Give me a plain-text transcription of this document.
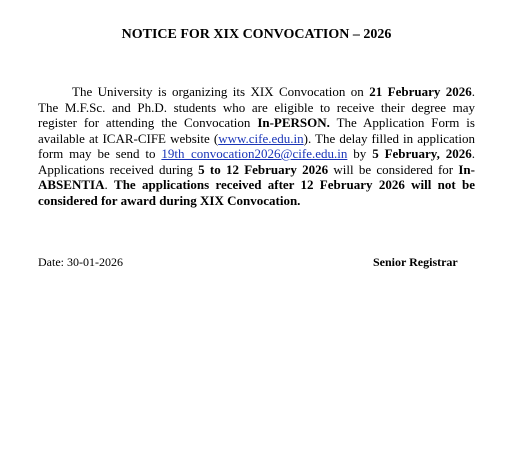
NOTICE FOR XIX CONVOCATION – 2026

The University is organizing its XIX Convocation on 21 February 2026. The M.F.Sc. and Ph.D. students who are eligible to receive their degree may register for attending the Convocation In-PERSON. The Application Form is available at ICAR-CIFE website (www.cife.edu.in). The delay filled in application form may be send to 19th_convocation2026@cife.edu.in by 5 February, 2026. Applications received during 5 to 12 February 2026 will be considered for In-ABSENTIA. The applications received after 12 February 2026 will not be considered for award during XIX Convocation.

Date: 30-01-2026	Senior Registrar
